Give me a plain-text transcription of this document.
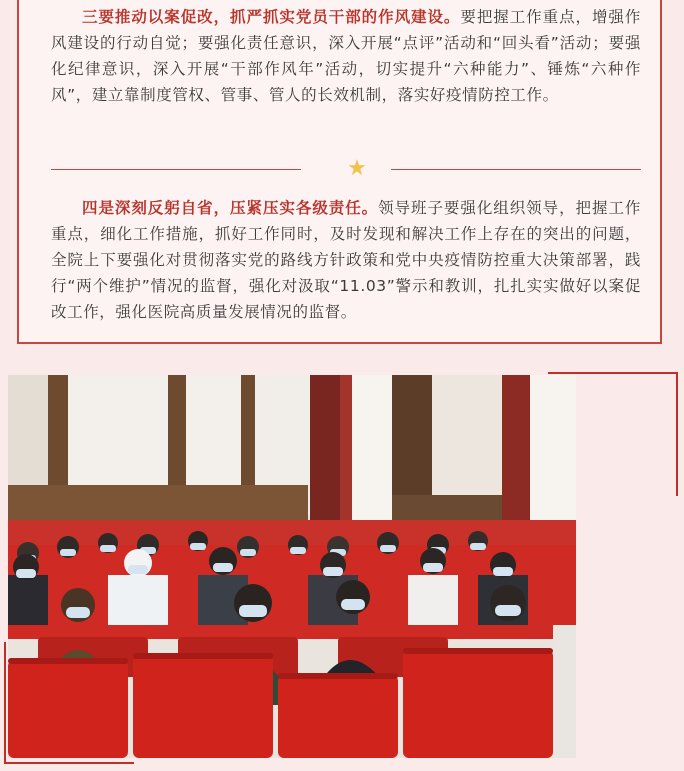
三要推动以案促改，抓严抓实党员干部的作风建设。要把握工作重点，增强作风建设的行动自觉；要强化责任意识，深入开展“点评”活动和“回头看”活动；要强化纪律意识，深入开展“干部作风年”活动，切实提升“六种能力”、锤炼“六种作风”，建立靠制度管权、管事、管人的长效机制，落实好疫情防控工作。

★

四是深刻反躬自省，压紧压实各级责任。领导班子要强化组织领导，把握工作重点，细化工作措施，抓好工作同时，及时发现和解决工作上存在的突出的问题，全院上下要强化对贯彻落实党的路线方针政策和党中央疫情防控重大决策部署，践行“两个维护”情况的监督，强化对汲取“11.03”警示和教训，扎扎实实做好以案促改工作，强化医院高质量发展情况的监督。
